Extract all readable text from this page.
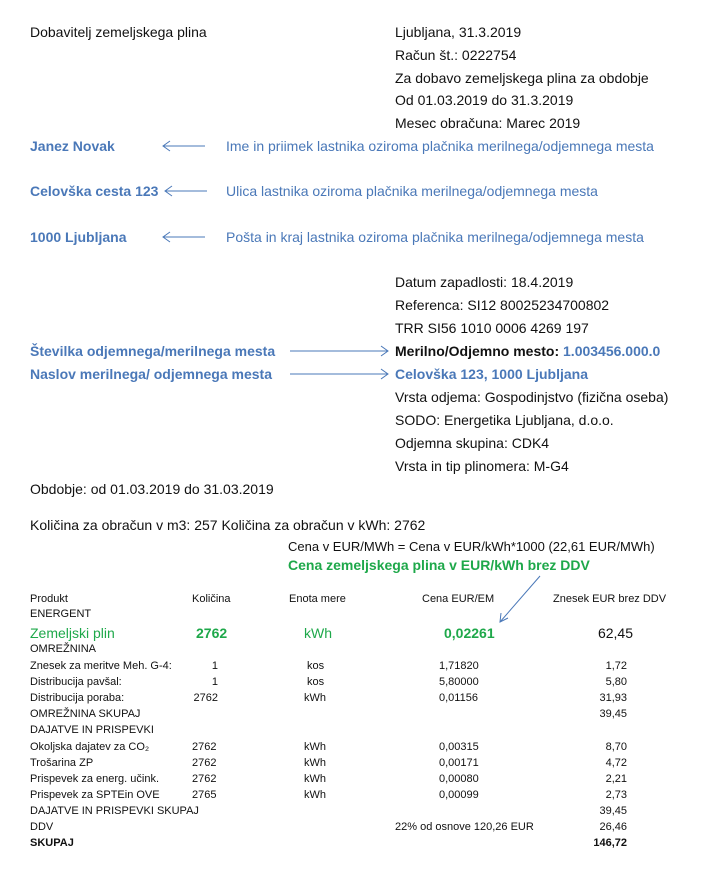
Dobavitelj zemeljskega plina	Ljubljana, 31.3.2019
Račun št.: 0222754
Za dobavo zemeljskega plina za obdobje
Od 01.03.2019 do 31.3.2019
Mesec obračuna: Marec 2019
Janez Novak	Ime in priimek lastnika oziroma plačnika merilnega/odjemnega mesta
Celovška cesta 123	Ulica lastnika oziroma plačnika merilnega/odjemnega mesta
1000 Ljubljana	Pošta in kraj lastnika oziroma plačnika merilnega/odjemnega mesta
Datum zapadlosti: 18.4.2019
Referenca: SI12 80025234700802
TRR SI56 1010 0006 4269 197
Merilno/Odjemno mesto: 1.003456.000.0
Celovška 123, 1000 Ljubljana
Vrsta odjema: Gospodinjstvo (fizična oseba)
SODO: Energetika Ljubljana, d.o.o.
Odjemna skupina: CDK4
Vrsta in tip plinomera: M-G4
Številka odjemnega/merilnega mesta
Naslov merilnega/ odjemnega mesta
Obdobje: od 01.03.2019 do 31.03.2019
Količina za obračun v m3: 257 Količina za obračun v kWh: 2762
Cena v EUR/MWh = Cena v EUR/kWh*1000 (22,61 EUR/MWh)
Cena zemeljskega plina v EUR/kWh brez DDV
Produkt	Količina	Enota mere	Cena EUR/EM	Znesek EUR brez DDV
ENERGENT
Zemeljski plin	2762	kWh	0,02261	62,45
OMREŽNINA
Znesek za meritve Meh. G-4:	1	kos	1,71820	1,72
Distribucija pavšal:	1	kos	5,80000	5,80
Distribucija poraba:	2762	kWh	0,01156	31,93
OMREŽNINA SKUPAJ	39,45
DAJATVE IN PRISPEVKI
Okoljska dajatev za CO₂	2762	kWh	0,00315	8,70
Trošarina ZP	2762	kWh	0,00171	4,72
Prispevek za energ. učink.	2762	kWh	0,00080	2,21
Prispevek za SPTEin OVE	2765	kWh	0,00099	2,73
DAJATVE IN PRISPEVKI SKUPAJ	39,45
DDV	22% od osnove 120,26 EUR	26,46
SKUPAJ	146,72
